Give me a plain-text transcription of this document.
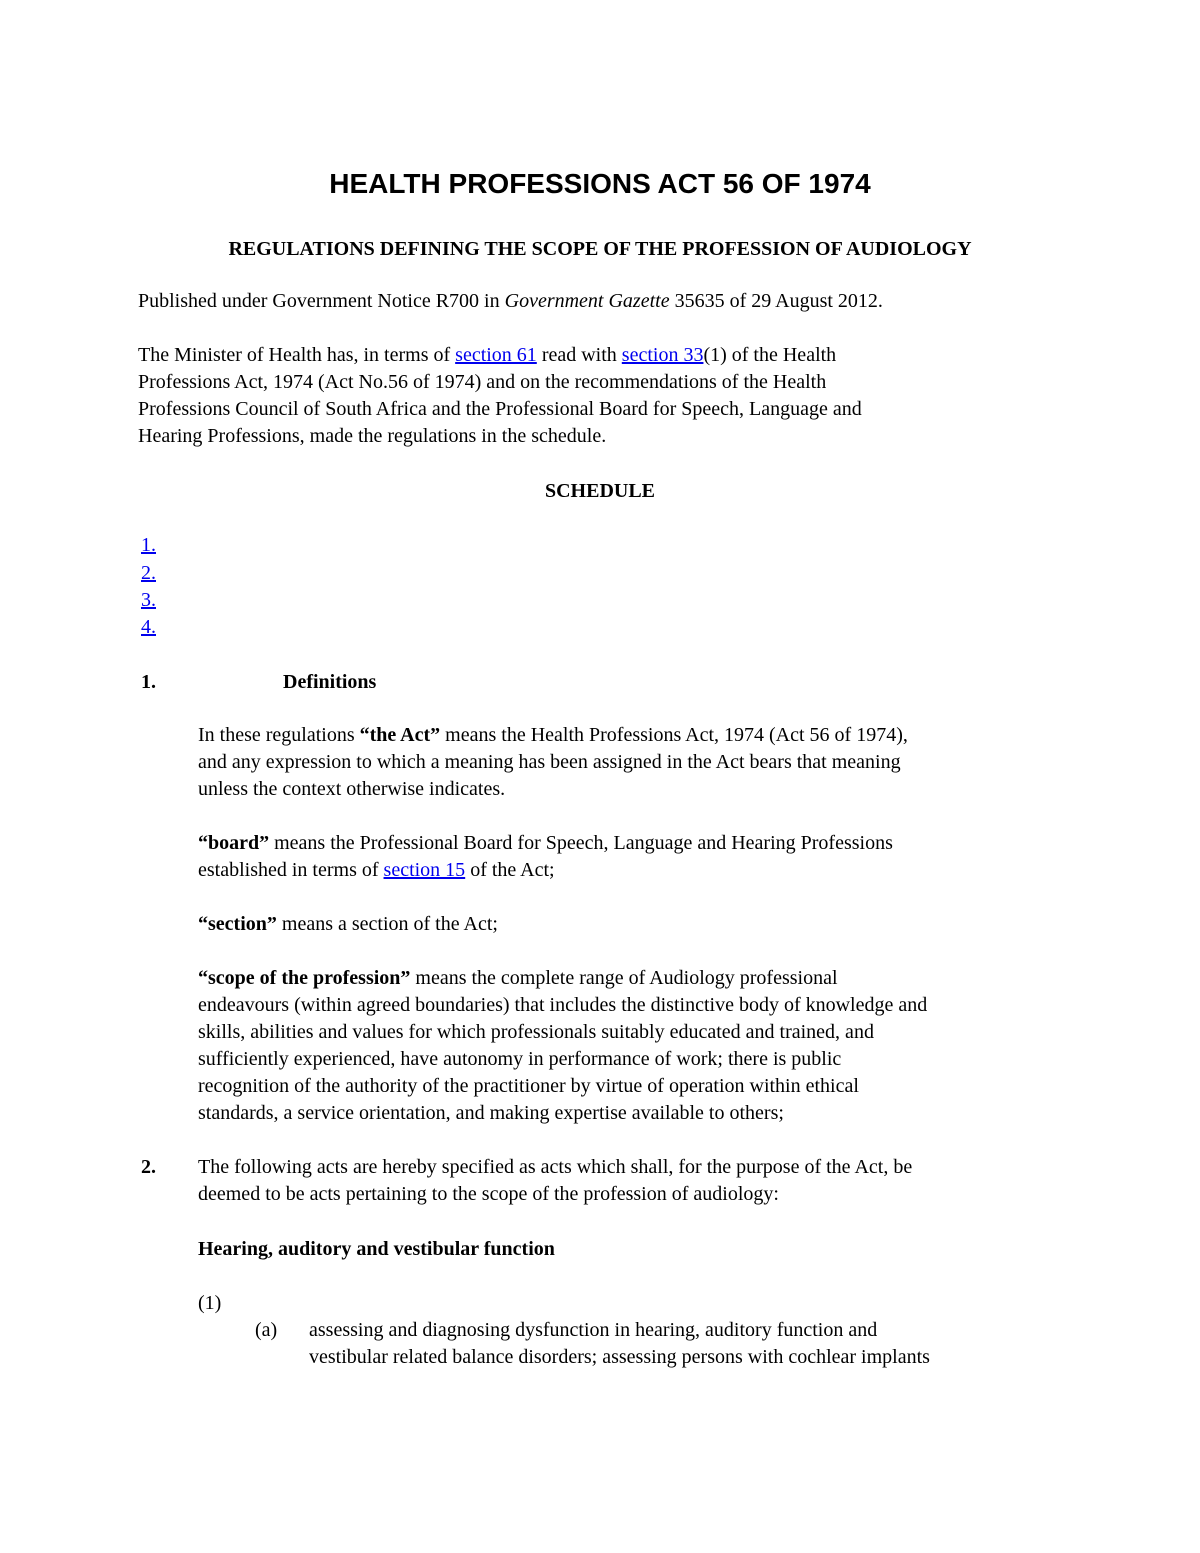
HEALTH PROFESSIONS ACT 56 OF 1974
REGULATIONS DEFINING THE SCOPE OF THE PROFESSION OF AUDIOLOGY
Published under Government Notice R700 in Government Gazette 35635 of 29 August 2012.
The Minister of Health has, in terms of section 61 read with section 33(1) of the Health
Professions Act, 1974 (Act No.56 of 1974) and on the recommendations of the Health
Professions Council of South Africa and the Professional Board for Speech, Language and
Hearing Professions, made the regulations in the schedule.
SCHEDULE
1.
2.
3.
4.
1.	Definitions
In these regulations “the Act” means the Health Professions Act, 1974 (Act 56 of 1974),
and any expression to which a meaning has been assigned in the Act bears that meaning
unless the context otherwise indicates.
“board” means the Professional Board for Speech, Language and Hearing Professions
established in terms of section 15 of the Act;
“section” means a section of the Act;
“scope of the profession” means the complete range of Audiology professional
endeavours (within agreed boundaries) that includes the distinctive body of knowledge and
skills, abilities and values for which professionals suitably educated and trained, and
sufficiently experienced, have autonomy in performance of work; there is public
recognition of the authority of the practitioner by virtue of operation within ethical
standards, a service orientation, and making expertise available to others;
2. The following acts are hereby specified as acts which shall, for the purpose of the Act, be
deemed to be acts pertaining to the scope of the profession of audiology:
Hearing, auditory and vestibular function
(1)
(a) assessing and diagnosing dysfunction in hearing, auditory function and
vestibular related balance disorders; assessing persons with cochlear implants
